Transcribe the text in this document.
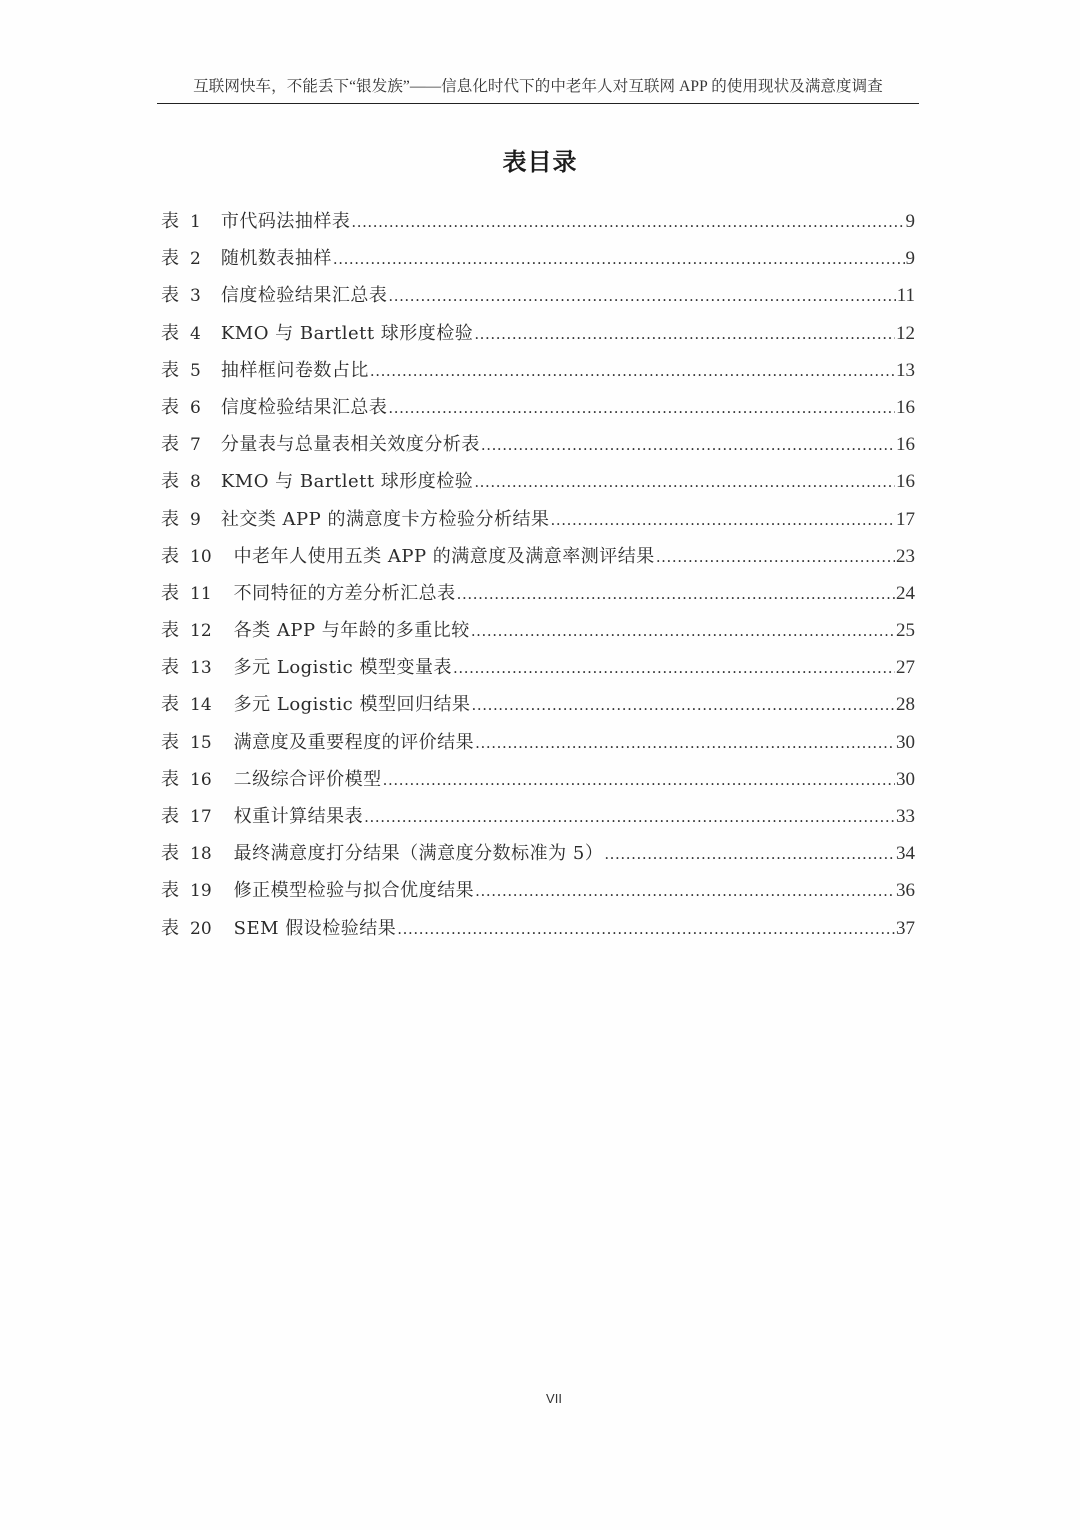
互联网快车，不能丢下“银发族”——信息化时代下的中老年人对互联网 APP 的使用现状及满意度调查
表目录
表 1 市代码法抽样表 .....	9
表 2 随机数表抽样 .....	9
表 3 信度检验结果汇总表 .....	11
表 4 KMO 与 Bartlett 球形度检验 .....	12
表 5 抽样框问卷数占比 .....	13
表 6 信度检验结果汇总表 .....	16
表 7 分量表与总量表相关效度分析表 .....	16
表 8 KMO 与 Bartlett 球形度检验 .....	16
表 9 社交类 APP 的满意度卡方检验分析结果 .....	17
表 10 中老年人使用五类 APP 的满意度及满意率测评结果 .....	23
表 11 不同特征的方差分析汇总表 .....	24
表 12 各类 APP 与年龄的多重比较 .....	25
表 13 多元 Logistic 模型变量表 .....	27
表 14 多元 Logistic 模型回归结果 .....	28
表 15 满意度及重要程度的评价结果 .....	30
表 16 二级综合评价模型 .....	30
表 17 权重计算结果表 .....	33
表 18 最终满意度打分结果（满意度分数标准为 5） .....	34
表 19 修正模型检验与拟合优度结果 .....	36
表 20 SEM 假设检验结果 .....	37
VII
